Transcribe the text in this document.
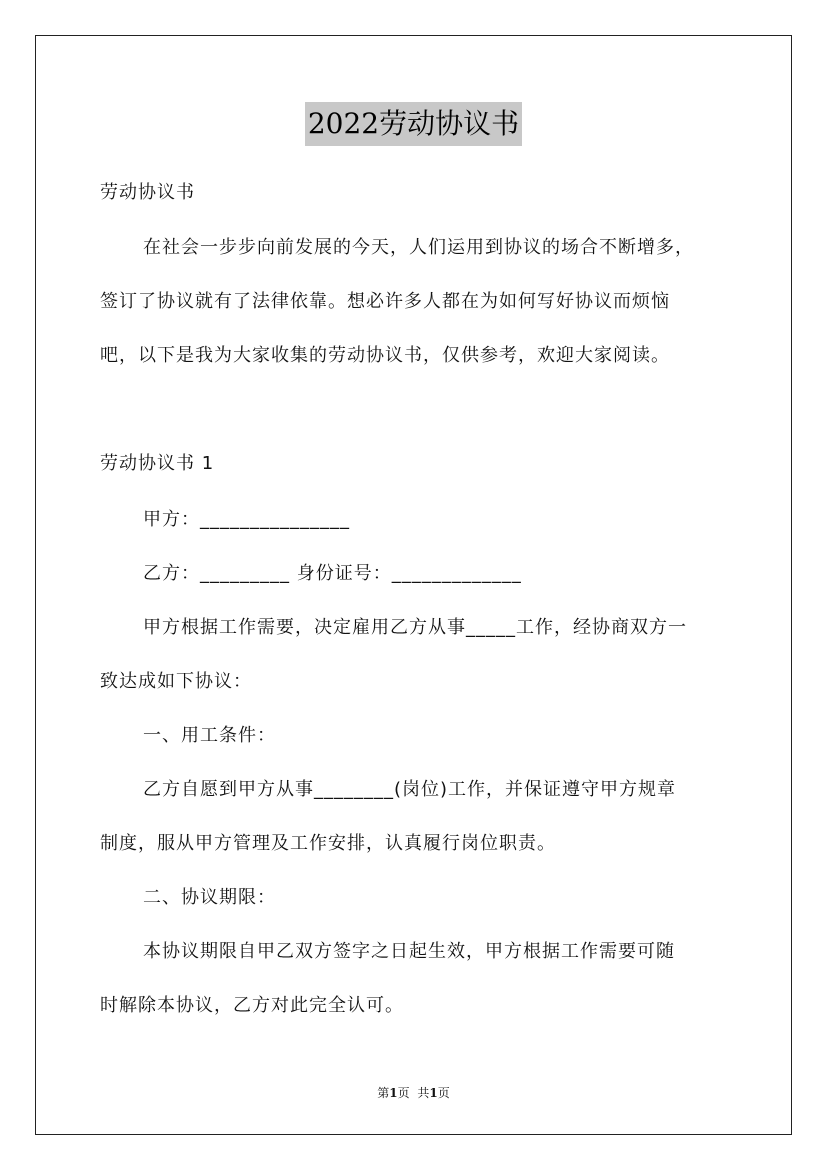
2022劳动协议书
劳动协议书
在社会一步步向前发展的今天，人们运用到协议的场合不断增多，
签订了协议就有了法律依靠。想必许多人都在为如何写好协议而烦恼
吧，以下是我为大家收集的劳动协议书，仅供参考，欢迎大家阅读。
劳动协议书 1
甲方：_______________
乙方：_________ 身份证号：_____________
甲方根据工作需要，决定雇用乙方从事_____工作，经协商双方一
致达成如下协议：
一、用工条件：
乙方自愿到甲方从事________(岗位)工作，并保证遵守甲方规章
制度，服从甲方管理及工作安排，认真履行岗位职责。
二、协议期限：
本协议期限自甲乙双方签字之日起生效，甲方根据工作需要可随
时解除本协议，乙方对此完全认可。
第1页 共1页
